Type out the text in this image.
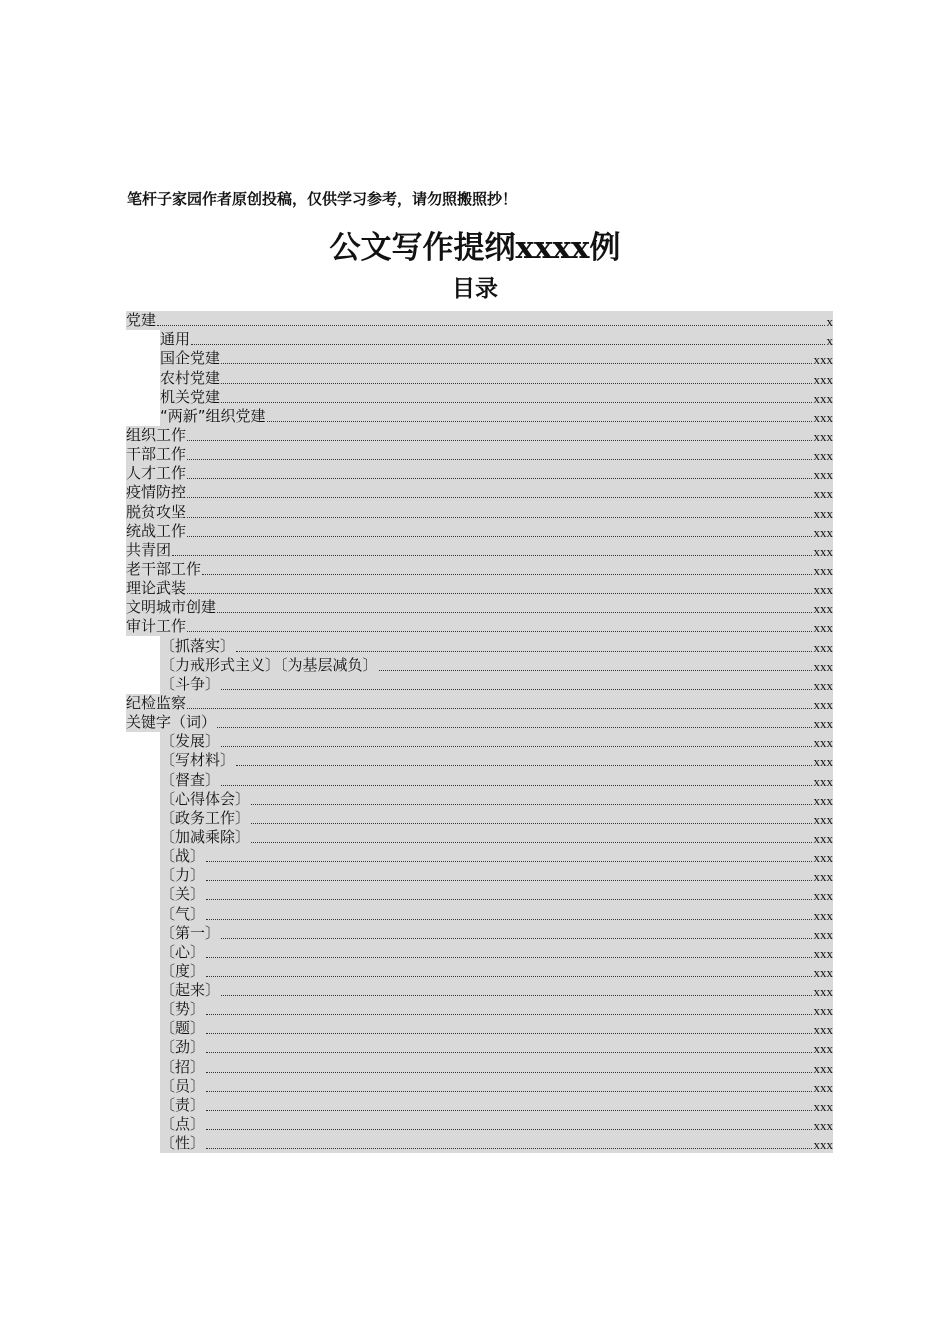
笔杆子家园作者原创投稿，仅供学习参考，请勿照搬照抄！
公文写作提纲xxxx例
目录
党建	x
通用	x
国企党建	xxx
农村党建	xxx
机关党建	xxx
“两新”组织党建	xxx
组织工作	xxx
干部工作	xxx
人才工作	xxx
疫情防控	xxx
脱贫攻坚	xxx
统战工作	xxx
共青团	xxx
老干部工作	xxx
理论武装	xxx
文明城市创建	xxx
审计工作	xxx
〔抓落实〕	xxx
〔力戒形式主义〕〔为基层减负〕	xxx
〔斗争〕	xxx
纪检监察	xxx
关键字（词）	xxx
〔发展〕	xxx
〔写材料〕	xxx
〔督查〕	xxx
〔心得体会〕	xxx
〔政务工作〕	xxx
〔加减乘除〕	xxx
〔战〕	xxx
〔力〕	xxx
〔关〕	xxx
〔气〕	xxx
〔第一〕	xxx
〔心〕	xxx
〔度〕	xxx
〔起来〕	xxx
〔势〕	xxx
〔题〕	xxx
〔劲〕	xxx
〔招〕	xxx
〔员〕	xxx
〔责〕	xxx
〔点〕	xxx
〔性〕	xxx
